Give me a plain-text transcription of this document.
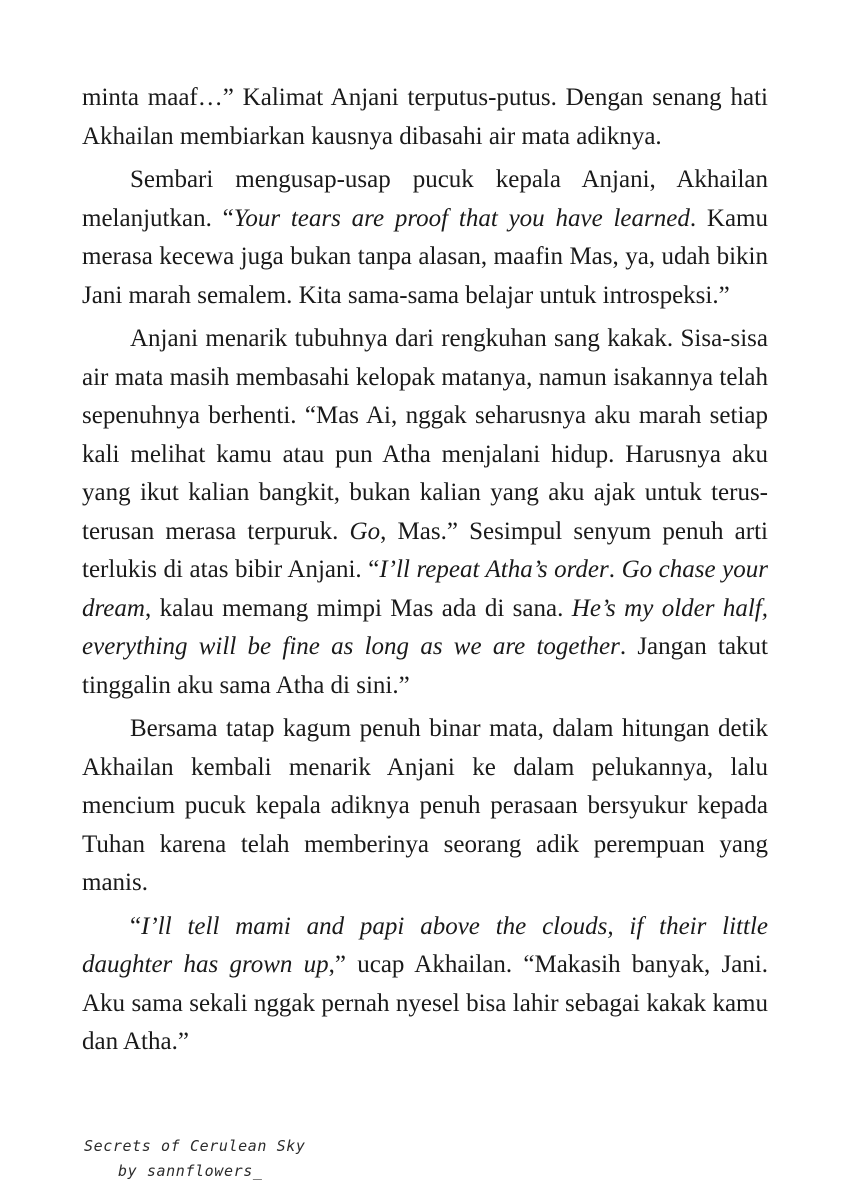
minta maaf…” Kalimat Anjani terputus-putus. Dengan senang hati Akhailan membiarkan kausnya dibasahi air mata adiknya.

Sembari mengusap-usap pucuk kepala Anjani, Akhailan melanjutkan. “Your tears are proof that you have learned. Kamu merasa kecewa juga bukan tanpa alasan, maafin Mas, ya, udah bikin Jani marah semalem. Kita sama-sama belajar untuk introspeksi.”

Anjani menarik tubuhnya dari rengkuhan sang kakak. Sisa-sisa air mata masih membasahi kelopak matanya, namun isakannya telah sepenuhnya berhenti. “Mas Ai, nggak seharusnya aku marah setiap kali melihat kamu atau pun Atha menjalani hidup. Harusnya aku yang ikut kalian bangkit, bukan kalian yang aku ajak untuk terus-terusan merasa terpuruk. Go, Mas.” Sesimpul senyum penuh arti terlukis di atas bibir Anjani. “I’ll repeat Atha’s order. Go chase your dream, kalau memang mimpi Mas ada di sana. He’s my older half, everything will be fine as long as we are together. Jangan takut tinggalin aku sama Atha di sini.”

Bersama tatap kagum penuh binar mata, dalam hitungan detik Akhailan kembali menarik Anjani ke dalam pelukannya, lalu mencium pucuk kepala adiknya penuh perasaan bersyukur kepada Tuhan karena telah memberinya seorang adik perempuan yang manis.

“I’ll tell mami and papi above the clouds, if their little daughter has grown up,” ucap Akhailan. “Makasih banyak, Jani. Aku sama sekali nggak pernah nyesel bisa lahir sebagai kakak kamu dan Atha.”

Secrets of Cerulean Sky
by sannflowers_
